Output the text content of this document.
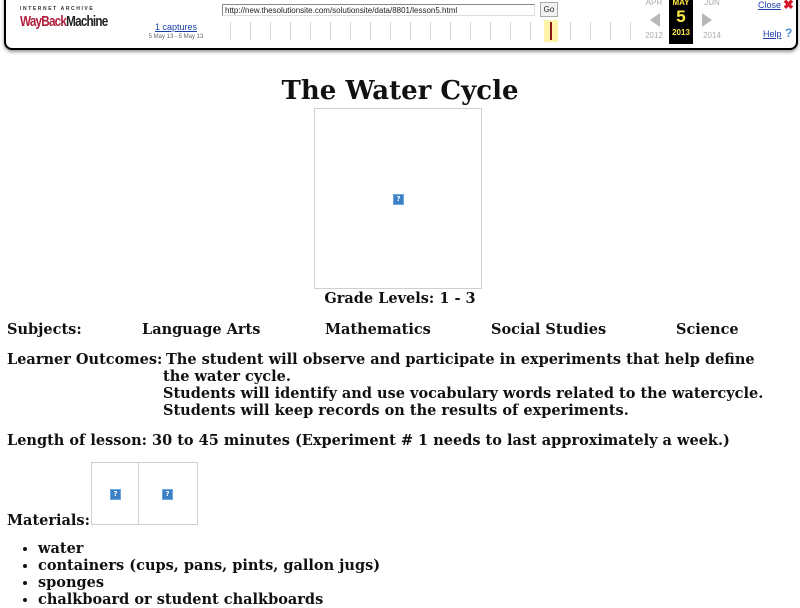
INTERNET ARCHIVE
WayBackMachine	1 captures
5 May 13 - 5 May 13
http://new.thesolutionsite.com/solutionsite/data/8801/lesson5.html	Go
APR	JUN
2012	2014
MAY
5
2013
Close ✖
Help ?
The Water Cycle
?
Grade Levels: 1 - 3
Subjects:	Language Arts	Mathematics	Social Studies	Science
Learner Outcomes: The student will observe and participate in experiments that help define
the water cycle.
Students will identify and use vocabulary words related to the watercycle.
Students will keep records on the results of experiments.
Length of lesson: 30 to 45 minutes (Experiment # 1 needs to last approximately a week.)
Materials:
?	?
• water
• containers (cups, pans, pints, gallon jugs)
• sponges
• chalkboard or student chalkboards
